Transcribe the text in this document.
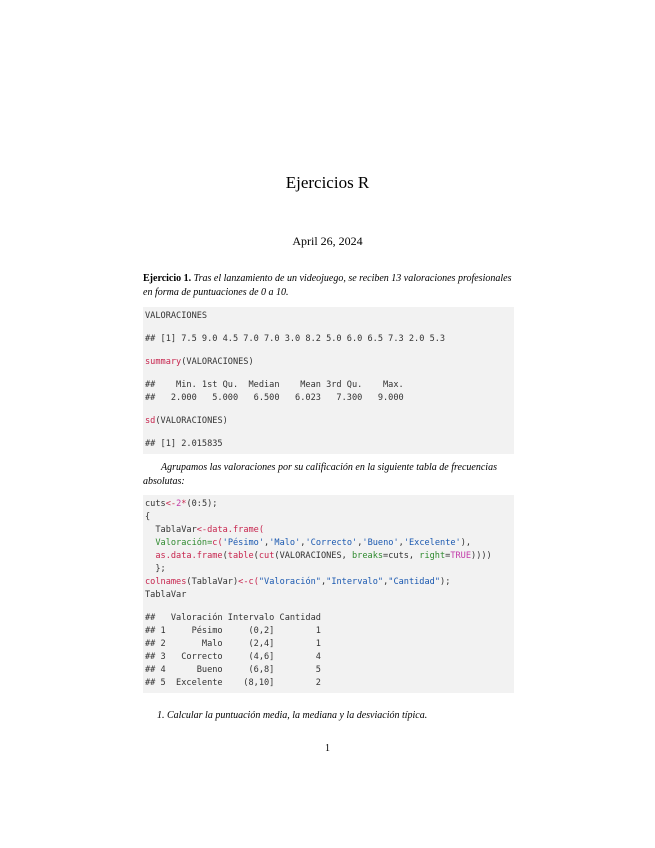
Ejercicios R
April 26, 2024
Ejercicio 1. Tras el lanzamiento de un videojuego, se reciben 13 valoraciones profesionales en forma de puntuaciones de 0 a 10.
VALORACIONES
## [1] 7.5 9.0 4.5 7.0 7.0 3.0 8.2 5.0 6.0 6.5 7.3 2.0 5.3
summary(VALORACIONES)
##    Min. 1st Qu.  Median    Mean 3rd Qu.    Max.
##   2.000   5.000   6.500   6.023   7.300   9.000
sd(VALORACIONES)
## [1] 2.015835
Agrupamos las valoraciones por su calificación en la siguiente tabla de frecuencias absolutas:
cuts<-2*(0:5);
{
TablaVar<-data.frame(
Valoración=c('Pésimo','Malo','Correcto','Bueno','Excelente'),
as.data.frame(table(cut(VALORACIONES, breaks=cuts, right=TRUE))))
};
colnames(TablaVar)<-c("Valoración","Intervalo","Cantidad");
TablaVar
##   Valoración Intervalo Cantidad
## 1     Pésimo     (0,2]        1
## 2       Malo     (2,4]        1
## 3   Correcto     (4,6]        4
## 4      Bueno     (6,8]        5
## 5  Excelente    (8,10]        2
1. Calcular la puntuación media, la mediana y la desviación típica.
1
